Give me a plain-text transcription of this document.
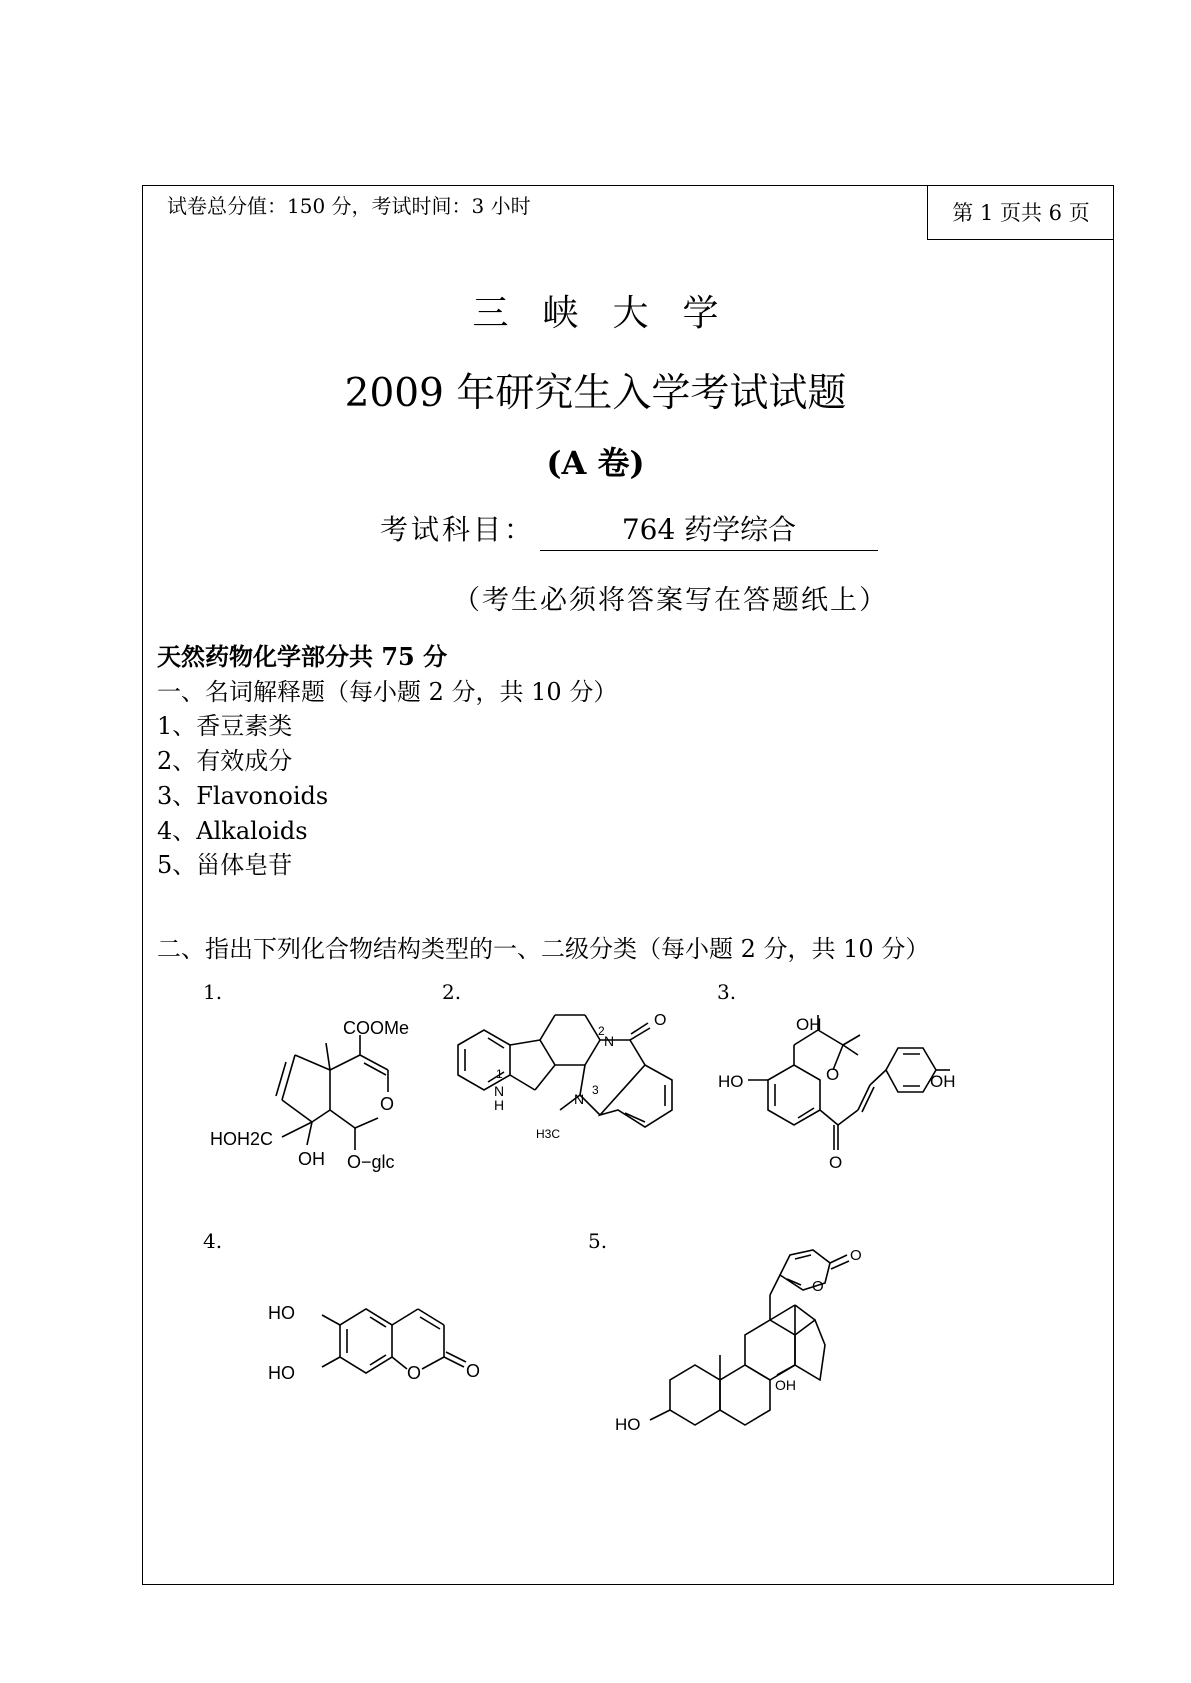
试卷总分值：150 分，考试时间：3 小时	第 1 页共 6 页
三峡大学
2009 年研究生入学考试试题
(A 卷)
考试科目：	764 药学综合
（考生必须将答案写在答题纸上）
天然药物化学部分共 75 分
一、名词解释题（每小题 2 分，共 10 分）
1、香豆素类
2、有效成分
3、Flavonoids
4、Alkaloids
5、甾体皂苷
二、指出下列化合物结构类型的一、二级分类（每小题 2 分，共 10 分）
1.	2.	3.
4.	5.
COOMe
HOH2C
OH
O
O−glc
1
2
3
N
H
N
N
H3C
O	OH
HO	O	OH
O
HO
HO	O O
HO
OH
O
O
